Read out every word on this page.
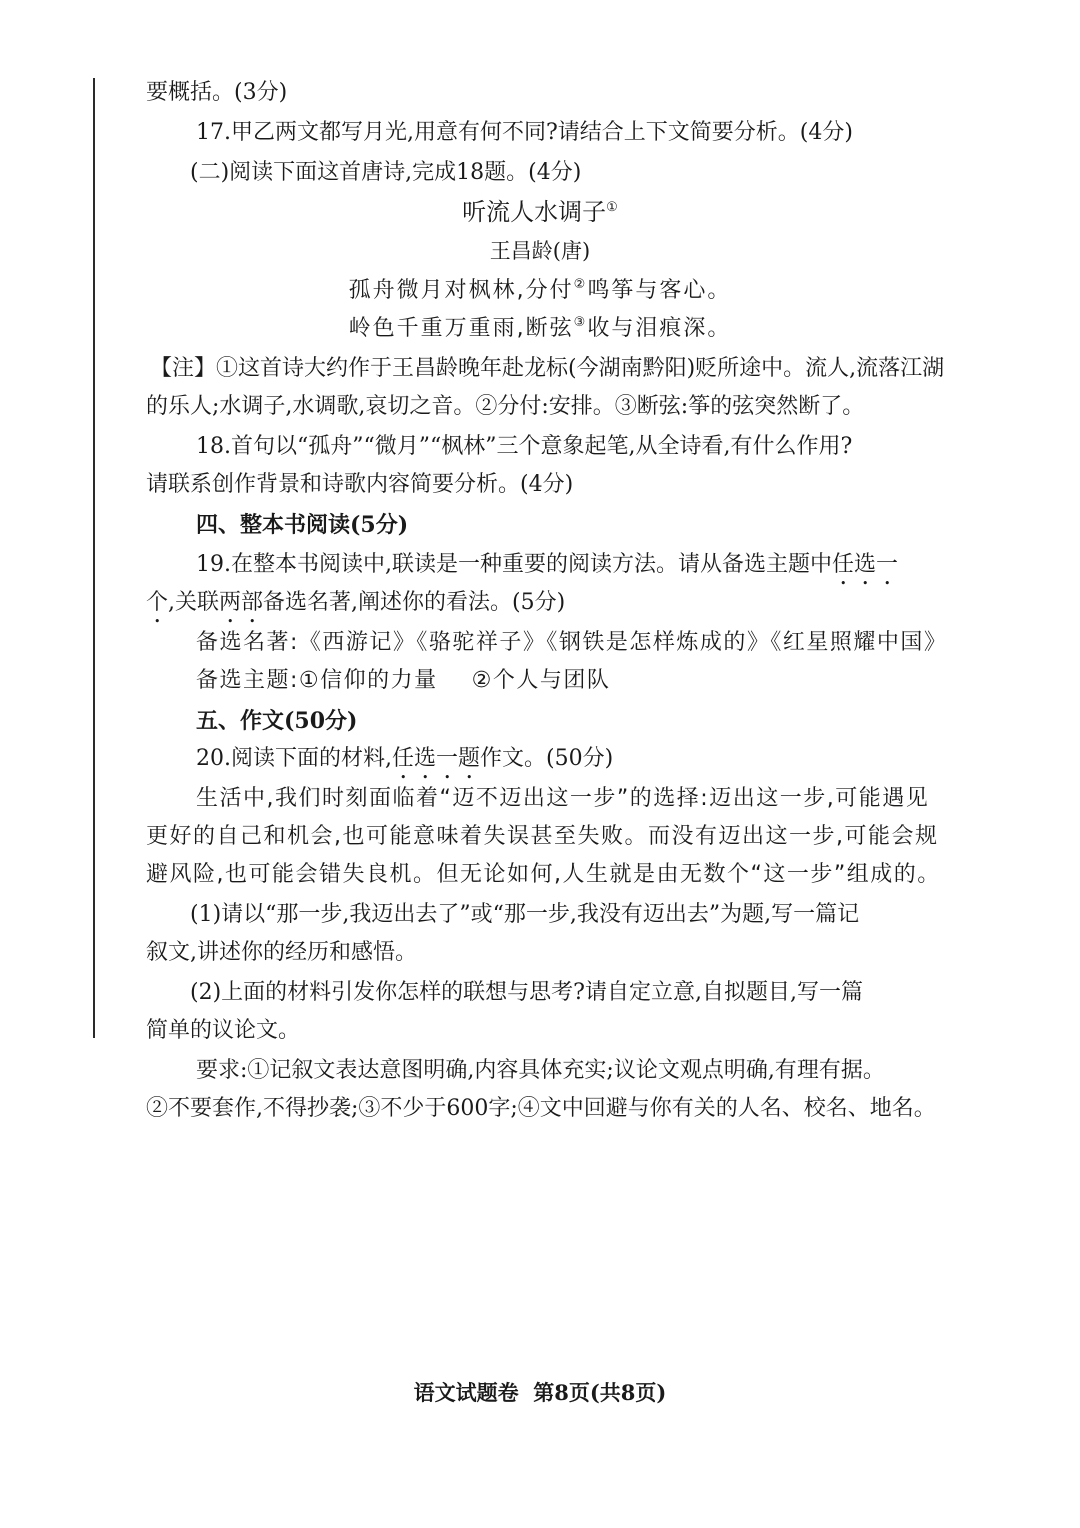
要概括。(3分)
17.甲乙两文都写月光,用意有何不同?请结合上下文简要分析。(4分)
(二)阅读下面这首唐诗,完成18题。(4分)
听流人水调子①
王昌龄(唐)
孤舟微月对枫林,分付②鸣筝与客心。
岭色千重万重雨,断弦③收与泪痕深。
【注】①这首诗大约作于王昌龄晚年赴龙标(今湖南黔阳)贬所途中。流人,流落江湖
的乐人;水调子,水调歌,哀切之音。②分付:安排。③断弦:筝的弦突然断了。
18.首句以“孤舟”“微月”“枫林”三个意象起笔,从全诗看,有什么作用?
请联系创作背景和诗歌内容简要分析。(4分)
四、整本书阅读(5分)
19.在整本书阅读中,联读是一种重要的阅读方法。请从备选主题中任选一
个,关联两部备选名著,阐述你的看法。(5分)
备选名著:《西游记》《骆驼祥子》《钢铁是怎样炼成的》《红星照耀中国》
备选主题:①信仰的力量    ②个人与团队
五、作文(50分)
20.阅读下面的材料,任选一题作文。(50分)
生活中,我们时刻面临着“迈不迈出这一步”的选择:迈出这一步,可能遇见
更好的自己和机会,也可能意味着失误甚至失败。而没有迈出这一步,可能会规
避风险,也可能会错失良机。但无论如何,人生就是由无数个“这一步”组成的。
(1)请以“那一步,我迈出去了”或“那一步,我没有迈出去”为题,写一篇记
叙文,讲述你的经历和感悟。
(2)上面的材料引发你怎样的联想与思考?请自定立意,自拟题目,写一篇
简单的议论文。
要求:①记叙文表达意图明确,内容具体充实;议论文观点明确,有理有据。
②不要套作,不得抄袭;③不少于600字;④文中回避与你有关的人名、校名、地名。
语文试题卷  第8页(共8页)
